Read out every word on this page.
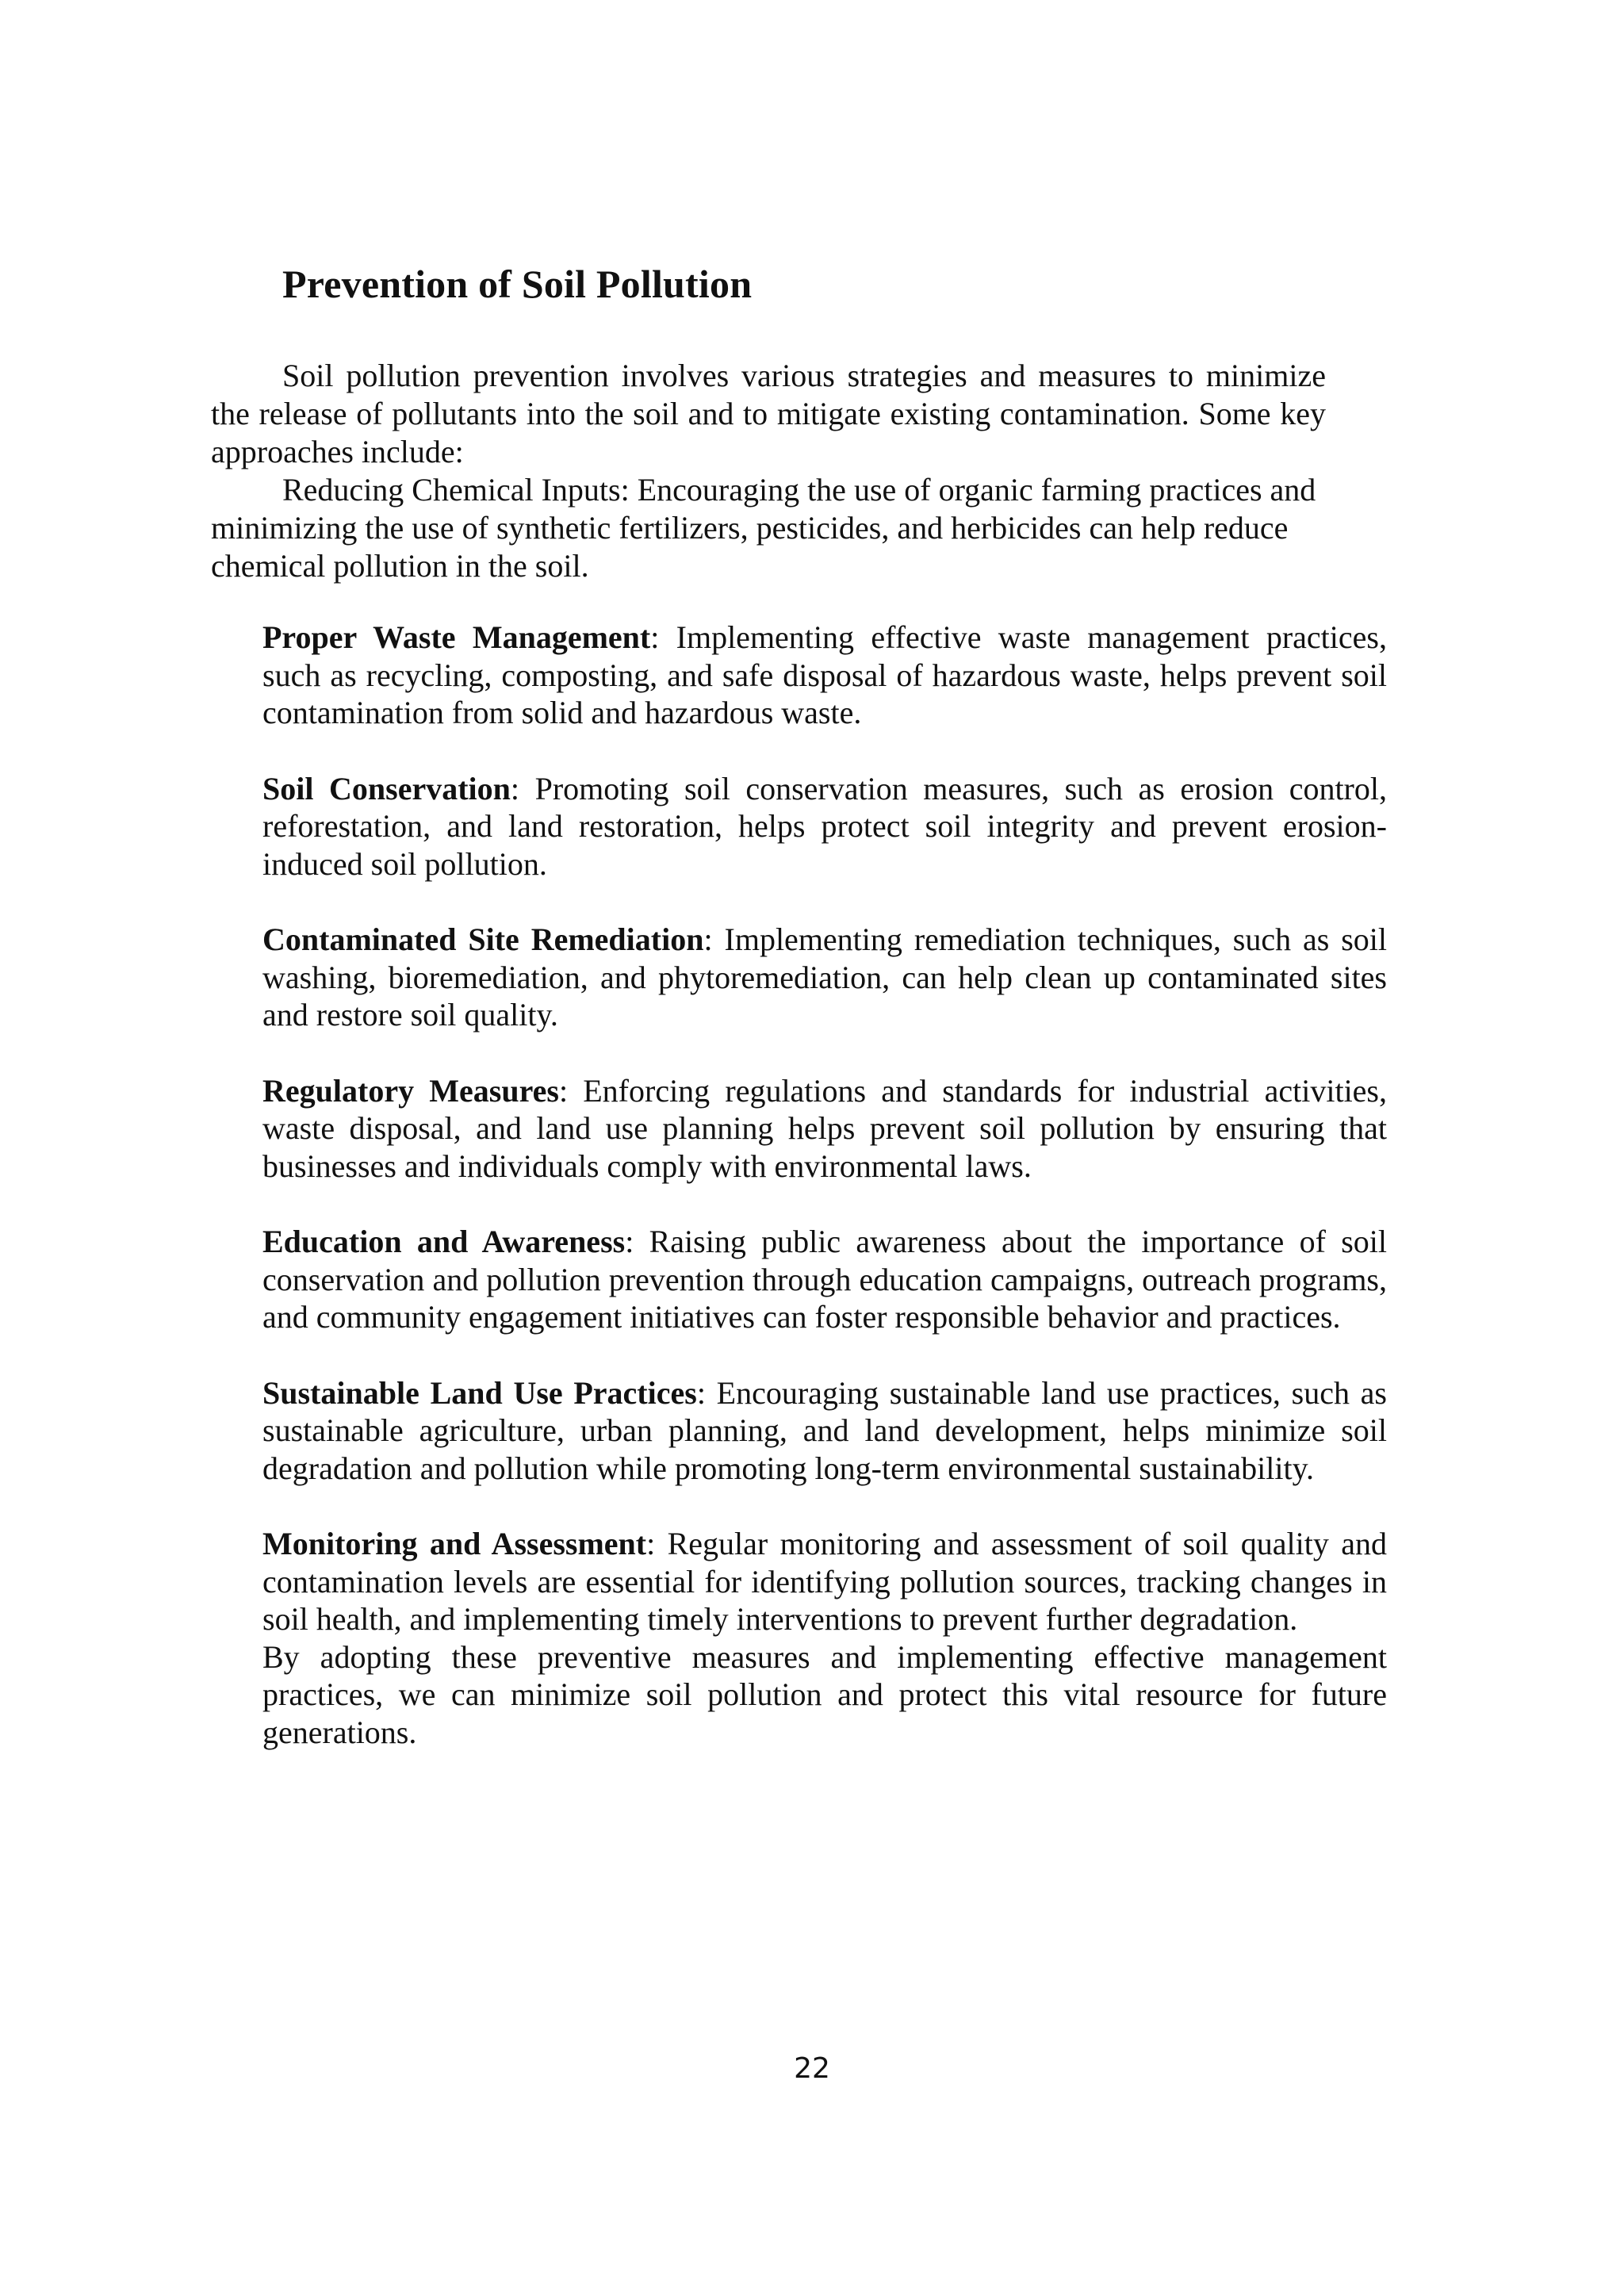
Prevention of Soil Pollution

Soil pollution prevention involves various strategies and measures to minimize the release of pollutants into the soil and to mitigate existing contamination. Some key approaches include:

Reducing Chemical Inputs: Encouraging the use of organic farming practices and minimizing the use of synthetic fertilizers, pesticides, and herbicides can help reduce chemical pollution in the soil.

Proper Waste Management: Implementing effective waste management practices, such as recycling, composting, and safe disposal of hazardous waste, helps prevent soil contamination from solid and hazardous waste.

Soil Conservation: Promoting soil conservation measures, such as erosion control, reforestation, and land restoration, helps protect soil integrity and prevent erosion-induced soil pollution.

Contaminated Site Remediation: Implementing remediation techniques, such as soil washing, bioremediation, and phytoremediation, can help clean up contaminated sites and restore soil quality.

Regulatory Measures: Enforcing regulations and standards for industrial activities, waste disposal, and land use planning helps prevent soil pollution by ensuring that businesses and individuals comply with environmental laws.

Education and Awareness: Raising public awareness about the importance of soil conservation and pollution prevention through education campaigns, outreach programs, and community engagement initiatives can foster responsible behavior and practices.

Sustainable Land Use Practices: Encouraging sustainable land use practices, such as sustainable agriculture, urban planning, and land development, helps minimize soil degradation and pollution while promoting long-term environmental sustainability.

Monitoring and Assessment: Regular monitoring and assessment of soil quality and contamination levels are essential for identifying pollution sources, tracking changes in soil health, and implementing timely interventions to prevent further degradation.

By adopting these preventive measures and implementing effective management practices, we can minimize soil pollution and protect this vital resource for future generations.

22
